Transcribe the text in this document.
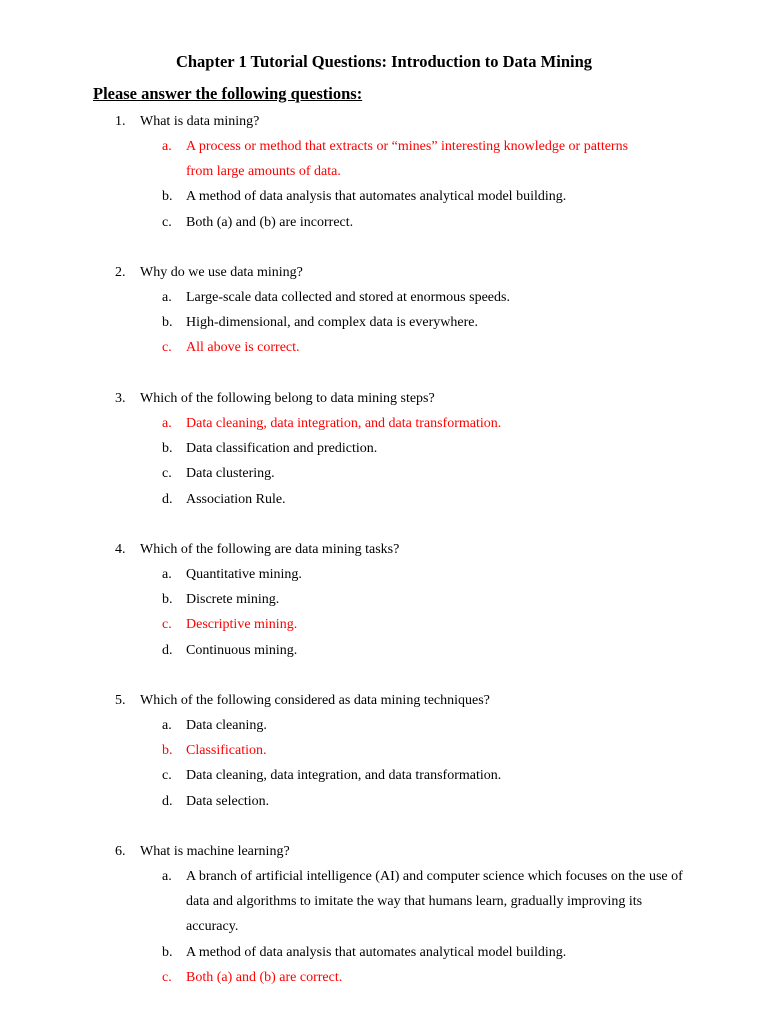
Chapter 1 Tutorial Questions: Introduction to Data Mining
Please answer the following questions:
1. What is data mining?
a. A process or method that extracts or “mines” interesting knowledge or patterns from large amounts of data.
b. A method of data analysis that automates analytical model building.
c. Both (a) and (b) are incorrect.
2. Why do we use data mining?
a. Large-scale data collected and stored at enormous speeds.
b. High-dimensional, and complex data is everywhere.
c. All above is correct.
3. Which of the following belong to data mining steps?
a. Data cleaning, data integration, and data transformation.
b. Data classification and prediction.
c. Data clustering.
d. Association Rule.
4. Which of the following are data mining tasks?
a. Quantitative mining.
b. Discrete mining.
c. Descriptive mining.
d. Continuous mining.
5. Which of the following considered as data mining techniques?
a. Data cleaning.
b. Classification.
c. Data cleaning, data integration, and data transformation.
d. Data selection.
6. What is machine learning?
a. A branch of artificial intelligence (AI) and computer science which focuses on the use of data and algorithms to imitate the way that humans learn, gradually improving its accuracy.
b. A method of data analysis that automates analytical model building.
c. Both (a) and (b) are correct.
